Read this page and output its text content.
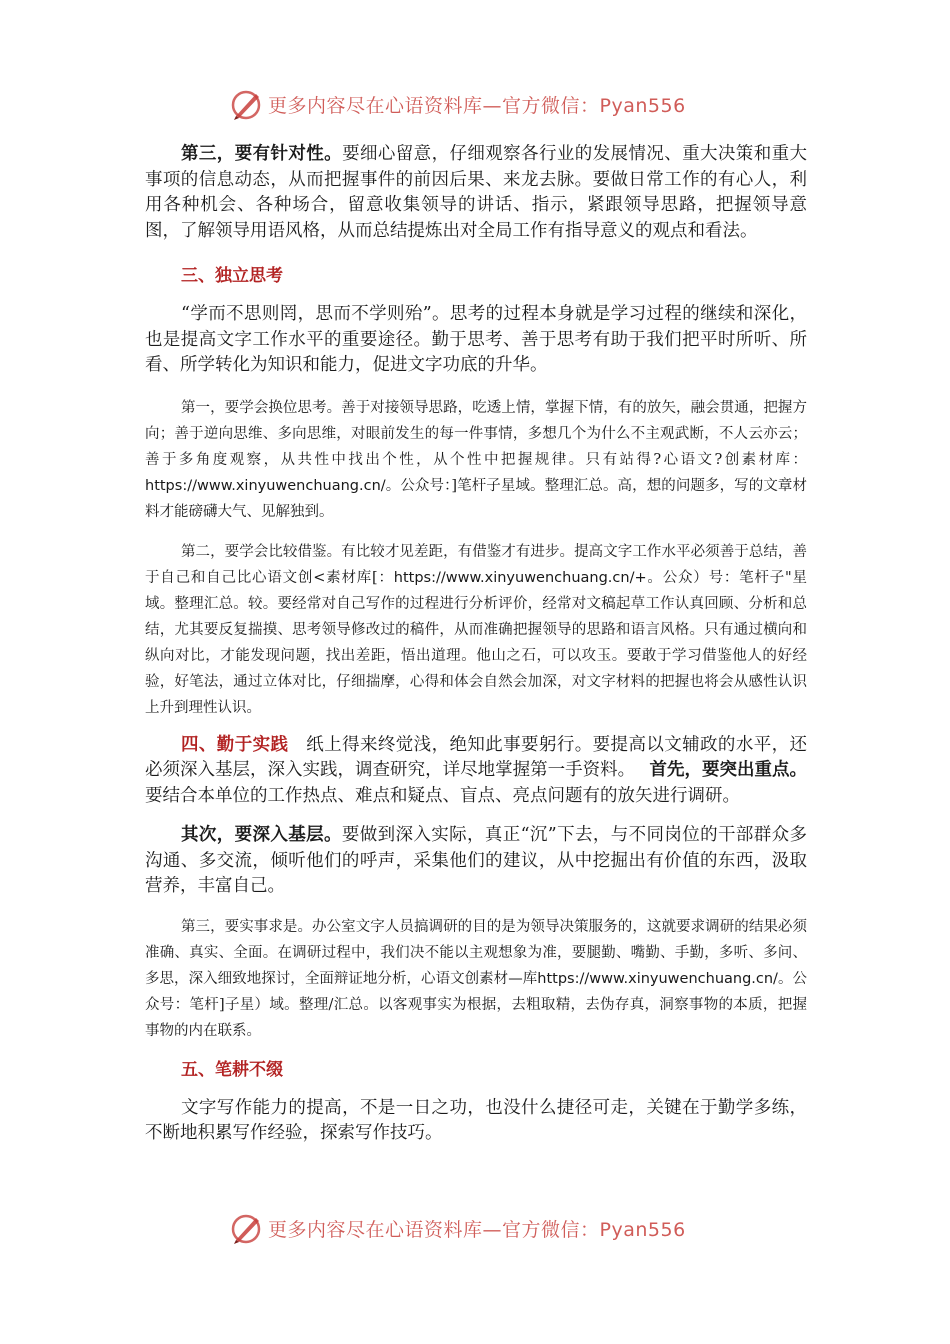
更多内容尽在心语资料库—官方微信：Pyan556

第三，要有针对性。要细心留意，仔细观察各行业的发展情况、重大决策和重大事项的信息动态，从而把握事件的前因后果、来龙去脉。要做日常工作的有心人，利用各种机会、各种场合，留意收集领导的讲话、指示，紧跟领导思路，把握领导意图，了解领导用语风格，从而总结提炼出对全局工作有指导意义的观点和看法。

三、独立思考

“学而不思则罔，思而不学则殆”。思考的过程本身就是学习过程的继续和深化，也是提高文字工作水平的重要途径。勤于思考、善于思考有助于我们把平时所听、所看、所学转化为知识和能力，促进文字功底的升华。

第一，要学会换位思考。善于对接领导思路，吃透上情，掌握下情，有的放矢，融会贯通，把握方向；善于逆向思维、多向思维，对眼前发生的每一件事情，多想几个为什么不主观武断，不人云亦云；善于多角度观察，从共性中找出个性，从个性中把握规律。只有站得?心语文?创素材库：https://www.xinyuwenchuang.cn/。公众号：]笔杆子星域。整理汇总。高，想的问题多，写的文章材料才能磅礴大气、见解独到。

第二，要学会比较借鉴。有比较才见差距，有借鉴才有进步。提高文字工作水平必须善于总结，善于自己和自己比心语文创<素材库[：https://www.xinyuwenchuang.cn/+。公众）号：笔杆子"星域。整理汇总。较。要经常对自己写作的过程进行分析评价，经常对文稿起草工作认真回顾、分析和总结，尤其要反复揣摸、思考领导修改过的稿件，从而准确把握领导的思路和语言风格。只有通过横向和纵向对比，才能发现问题，找出差距，悟出道理。他山之石，可以攻玉。要敢于学习借鉴他人的好经验，好笔法，通过立体对比，仔细揣摩，心得和体会自然会加深，对文字材料的把握也将会从感性认识上升到理性认识。

四、勤于实践　 纸上得来终觉浅，绝知此事要躬行。要提高以文辅政的水平，还必须深入基层，深入实践，调查研究，详尽地掌握第一手资料。　 首先，要突出重点。要结合本单位的工作热点、难点和疑点、盲点、亮点问题有的放矢进行调研。

其次，要深入基层。要做到深入实际，真正“沉”下去，与不同岗位的干部群众多沟通、多交流，倾听他们的呼声，采集他们的建议，从中挖掘出有价值的东西，汲取营养，丰富自己。

第三，要实事求是。办公室文字人员搞调研的目的是为领导决策服务的，这就要求调研的结果必须准确、真实、全面。在调研过程中，我们决不能以主观想象为准，要腿勤、嘴勤、手勤，多听、多问、多思，深入细致地探讨，全面辩证地分析，心语文创素材—库https://www.xinyuwenchuang.cn/。公众号：笔杆]子星）域。整理/汇总。以客观事实为根据，去粗取精，去伪存真，洞察事物的本质，把握事物的内在联系。

五、笔耕不缀

文字写作能力的提高，不是一日之功，也没什么捷径可走，关键在于勤学多练，不断地积累写作经验，探索写作技巧。

更多内容尽在心语资料库—官方微信：Pyan556
